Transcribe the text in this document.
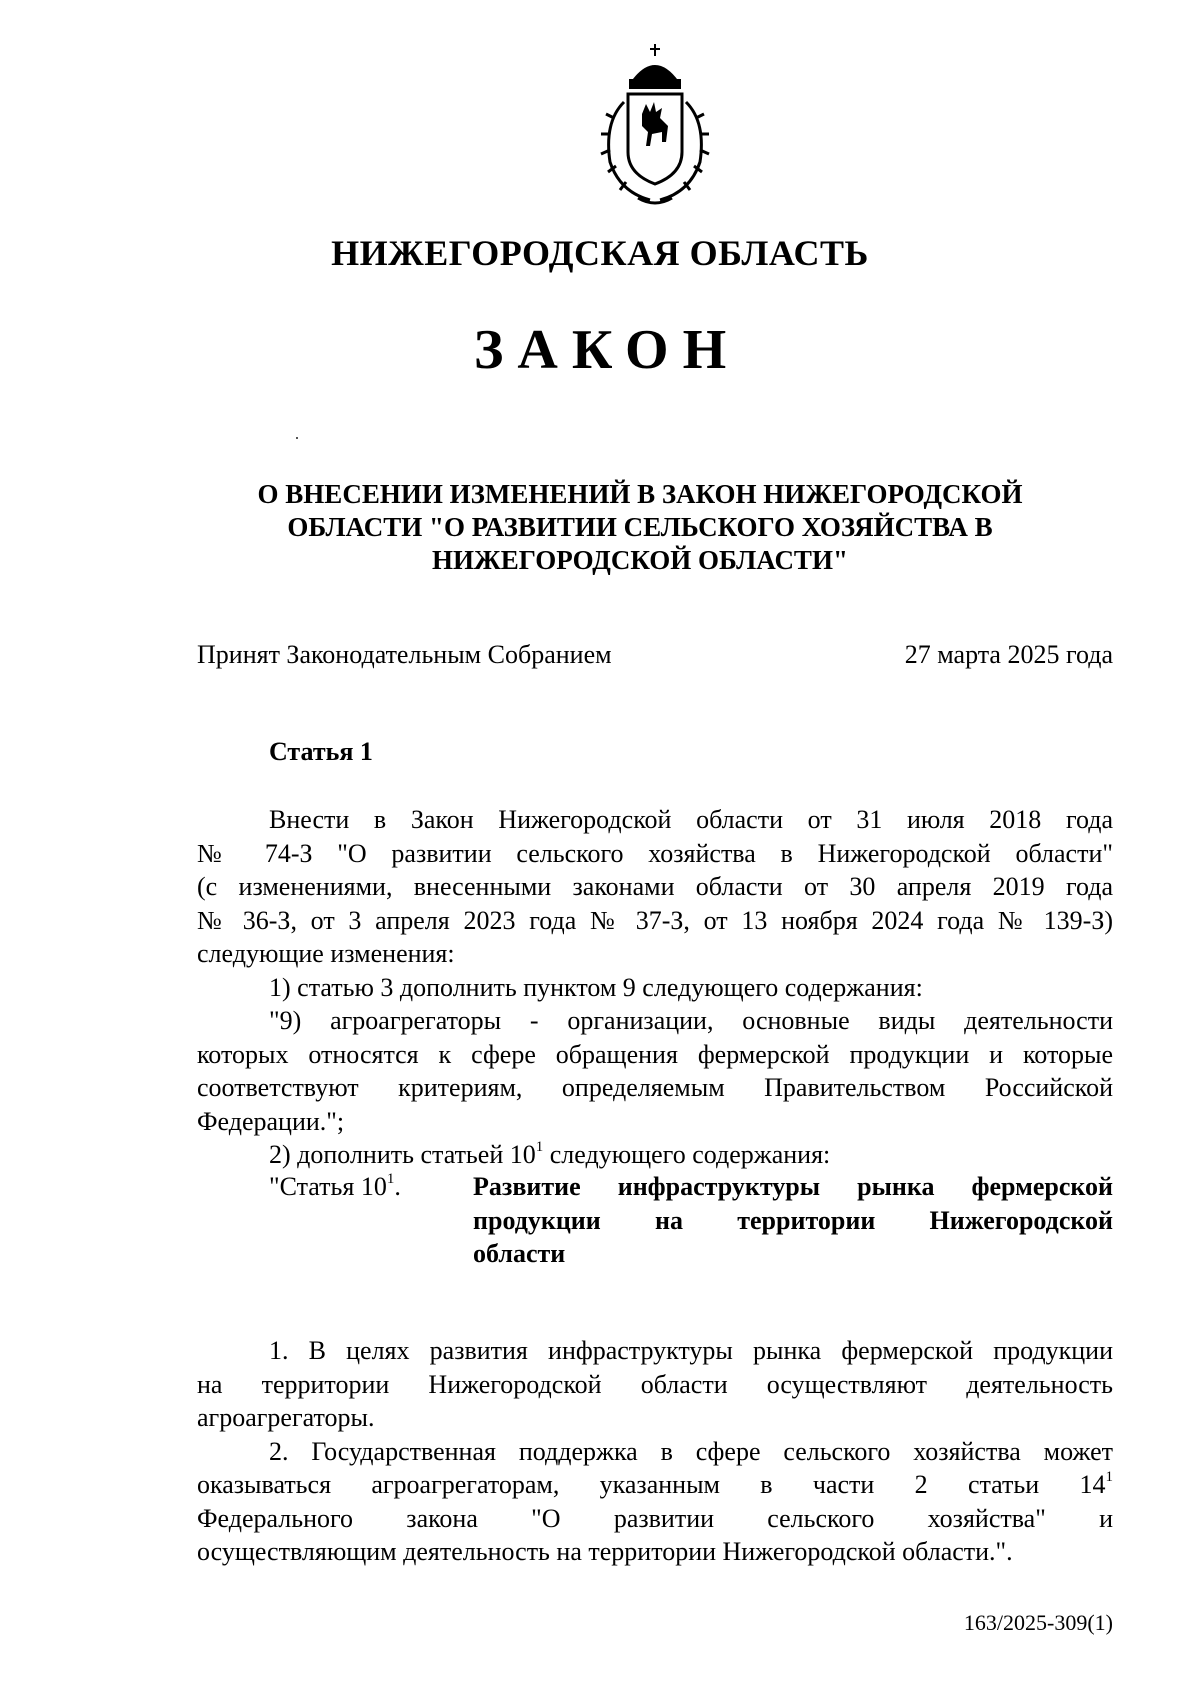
НИЖЕГОРОДСКАЯ ОБЛАСТЬ
ЗАКОН
О ВНЕСЕНИИ ИЗМЕНЕНИЙ В ЗАКОН НИЖЕГОРОДСКОЙ
ОБЛАСТИ "О РАЗВИТИИ СЕЛЬСКОГО ХОЗЯЙСТВА В
НИЖЕГОРОДСКОЙ ОБЛАСТИ"
Принят Законодательным Собранием	27 марта 2025 года
Статья 1
Внести в Закон Нижегородской области от 31 июля 2018 года
№ 74-З "О развитии сельского хозяйства в Нижегородской области"
(с изменениями, внесенными законами области от 30 апреля 2019 года
№ 36-З, от 3 апреля 2023 года № 37-З, от 13 ноября 2024 года № 139-З)
следующие изменения:
1) статью 3 дополнить пунктом 9 следующего содержания:
"9) агроагрегаторы - организации, основные виды деятельности
которых относятся к сфере обращения фермерской продукции и которые
соответствуют критериям, определяемым Правительством Российской
Федерации.";
2) дополнить статьей $10^1$ следующего содержания:
"Статья $10^1$.	Развитие инфраструктуры рынка фермерской
продукции на территории Нижегородской
области
1. В целях развития инфраструктуры рынка фермерской продукции
на территории Нижегородской области осуществляют деятельность
агроагрегаторы.
2. Государственная поддержка в сфере сельского хозяйства может
оказываться агроагрегаторам, указанным в части 2 статьи $14^1$
Федерального закона "О развитии сельского хозяйства" и
осуществляющим деятельность на территории Нижегородской области.".
163/2025-309(1)
